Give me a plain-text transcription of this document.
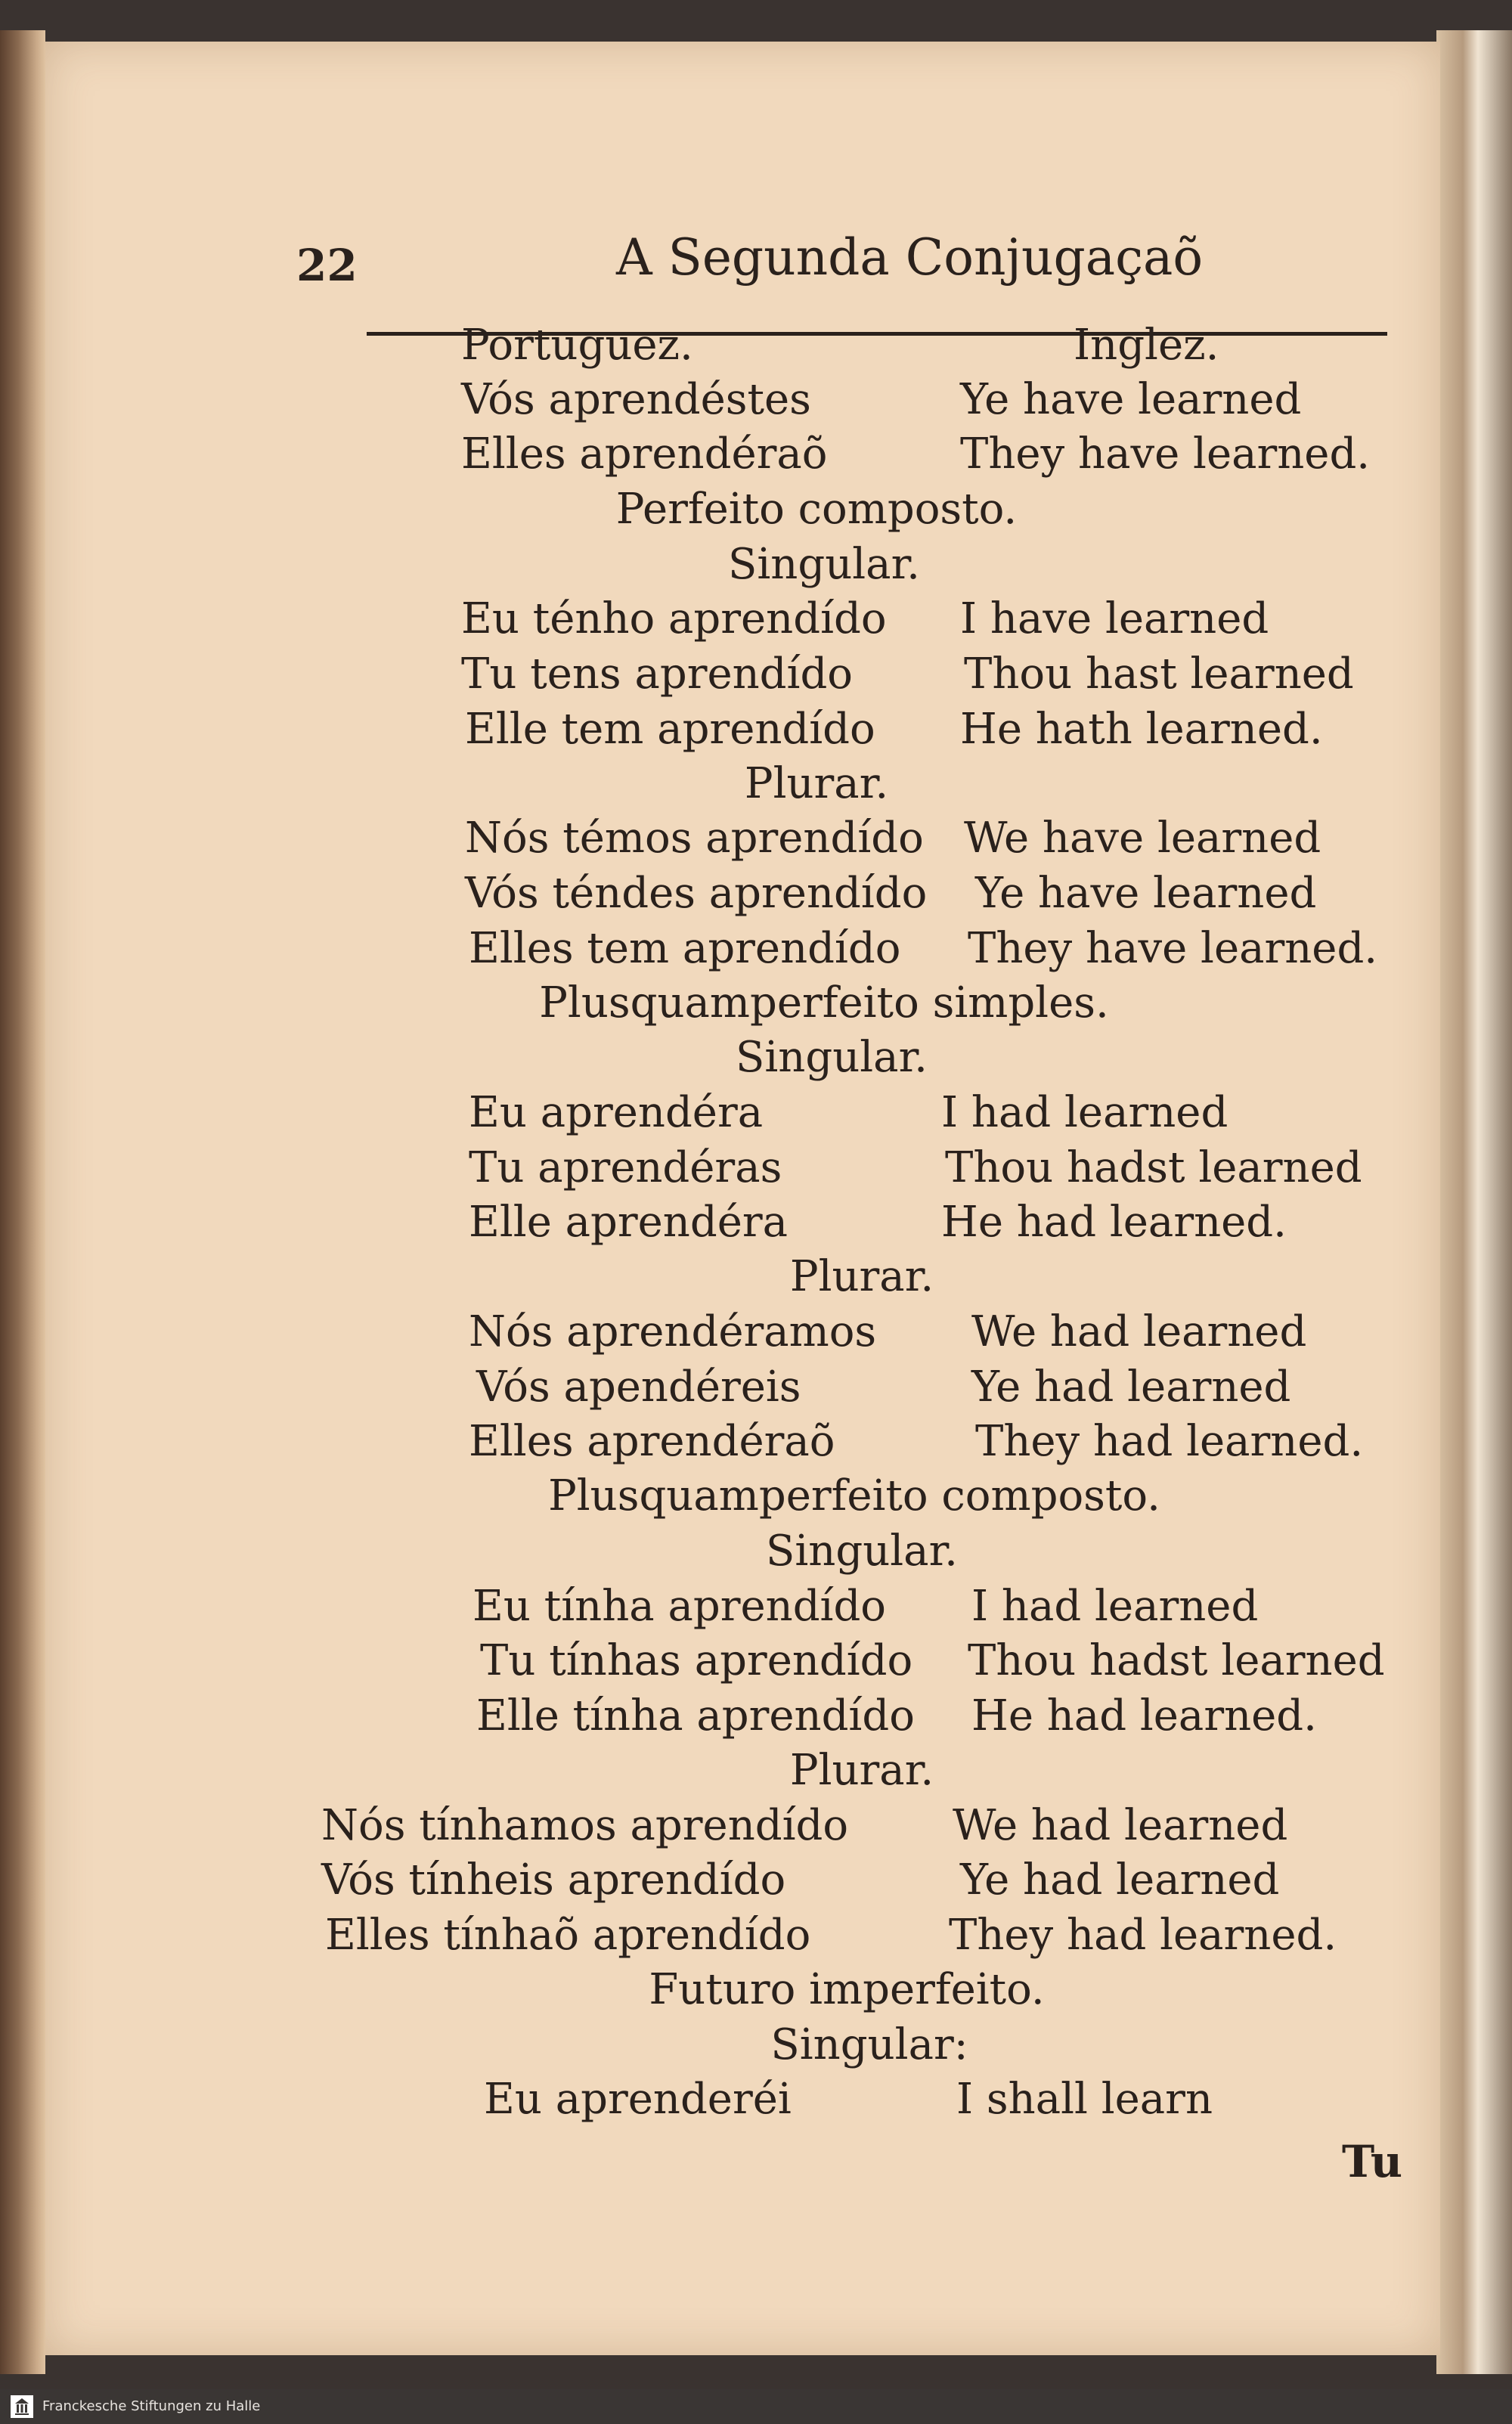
22	A Segunda Conjugaçaõ
Portuguez.	Inglez.
Vós aprendéstes	Ye have learned
Elles aprendéraõ	They have learned.
Perfeito composto.
Singular.
Eu ténho aprendído I have learned
Tu tens aprendído	Thou hast learned
Elle tem aprendído He hath learned.
Plurar.
Nós témos aprendído We have learned
Vós téndes aprendído Ye have learned
Elles tem aprendído They have learned.
Plusquamperfeito simples.
Singular.
Eu aprendéra	I had learned
Tu aprendéras	Thou hadst learned
Elle aprendéra	He had learned.
Plurar.
Nós aprendéramos We had learned
Vós apendéreis	Ye had learned
Elles aprendéraõ	They had learned.
Plusquamperfeito composto.
Singular.
Eu tínha aprendído I had learned
Tu tínhas aprendído Thou hadst learned
Elle tínha aprendído He had learned.
Plurar.
Nós tínhamos aprendído We had learned
Vós tínheis aprendído	Ye had learned
Elles tínhaõ aprendído	They had learned.
Futuro imperfeito.
Singular:
Eu aprenderéi	I shall learn
Tu
Franckesche Stiftungen zu Halle
